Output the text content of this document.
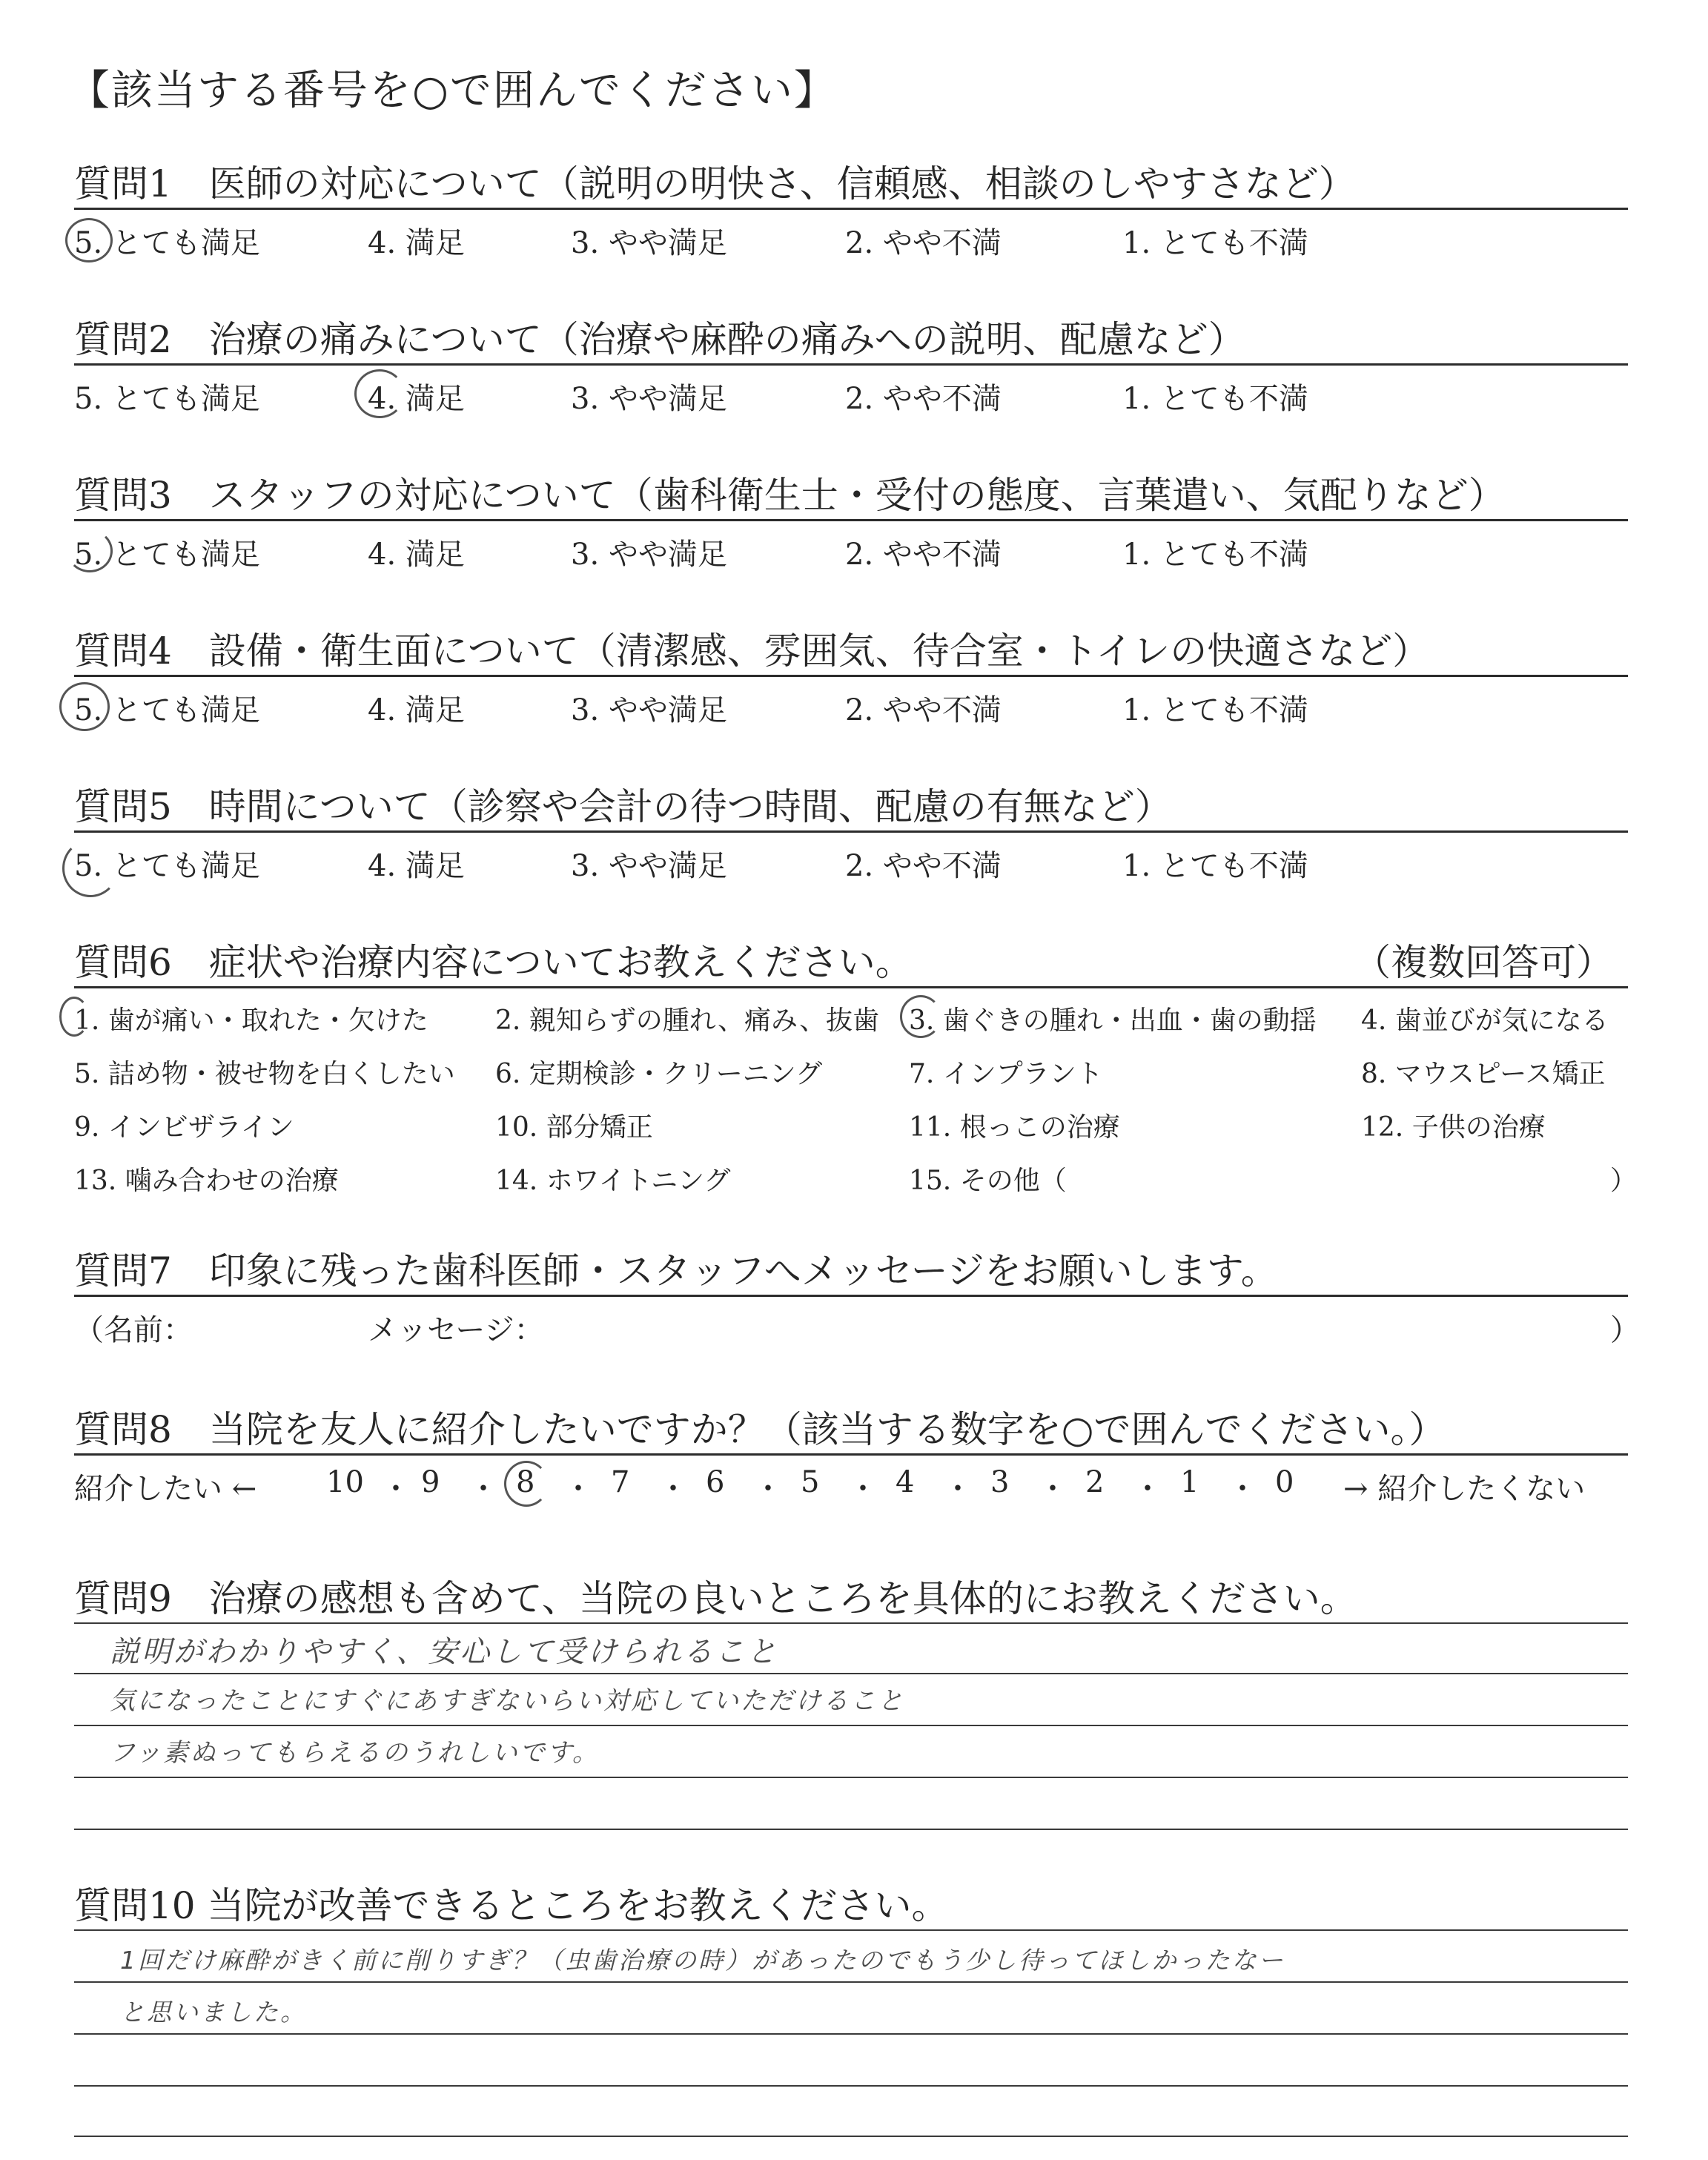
【該当する番号を○で囲んでください】
質問1　医師の対応について（説明の明快さ、信頼感、相談のしやすさなど）
5. とても満足	4. 満足	3. やや満足	2. やや不満	1. とても不満
質問2　治療の痛みについて（治療や麻酔の痛みへの説明、配慮など）
5. とても満足	4. 満足	3. やや満足	2. やや不満	1. とても不満
質問3　スタッフの対応について（歯科衛生士・受付の態度、言葉遣い、気配りなど）
5. とても満足	4. 満足	3. やや満足	2. やや不満	1. とても不満
質問4　設備・衛生面について（清潔感、雰囲気、待合室・トイレの快適さなど）
5. とても満足	4. 満足	3. やや満足	2. やや不満	1. とても不満
質問5　時間について（診察や会計の待つ時間、配慮の有無など）
5. とても満足	4. 満足	3. やや満足	2. やや不満	1. とても不満
質問6　症状や治療内容についてお教えください。	（複数回答可）
1. 歯が痛い・取れた・欠けた	2. 親知らずの腫れ、痛み、抜歯 3. 歯ぐきの腫れ・出血・歯の動揺 4. 歯並びが気になる
5. 詰め物・被せ物を白くしたい 6. 定期検診・クリーニング	7. インプラント	8. マウスピース矯正
9. インビザライン	10. 部分矯正	11. 根っこの治療	12. 子供の治療
13. 噛み合わせの治療	14. ホワイトニング	15. その他（	）
質問7　印象に残った歯科医師・スタッフへメッセージをお願いします。
（名前：	メッセージ：	）
質問8　当院を友人に紹介したいですか？（該当する数字を○で囲んでください。）
紹介したい ← 10 ・ 9 ・ 8 ・ 7 ・ 6 ・ 5 ・ 4 ・ 3 ・ 2 ・ 1 ・ 0 → 紹介したくない
質問9　治療の感想も含めて、当院の良いところを具体的にお教えください。
説明がわかりやすく、安心して受けられること
気になったことにすぐにあすぎないらい対応していただけること
フッ素ぬってもらえるのうれしいです。
質問10 当院が改善できるところをお教えください。
1回だけ麻酔がきく前に削りすぎ？（虫歯治療の時）があったのでもう少し待ってほしかったなー
と思いました。
